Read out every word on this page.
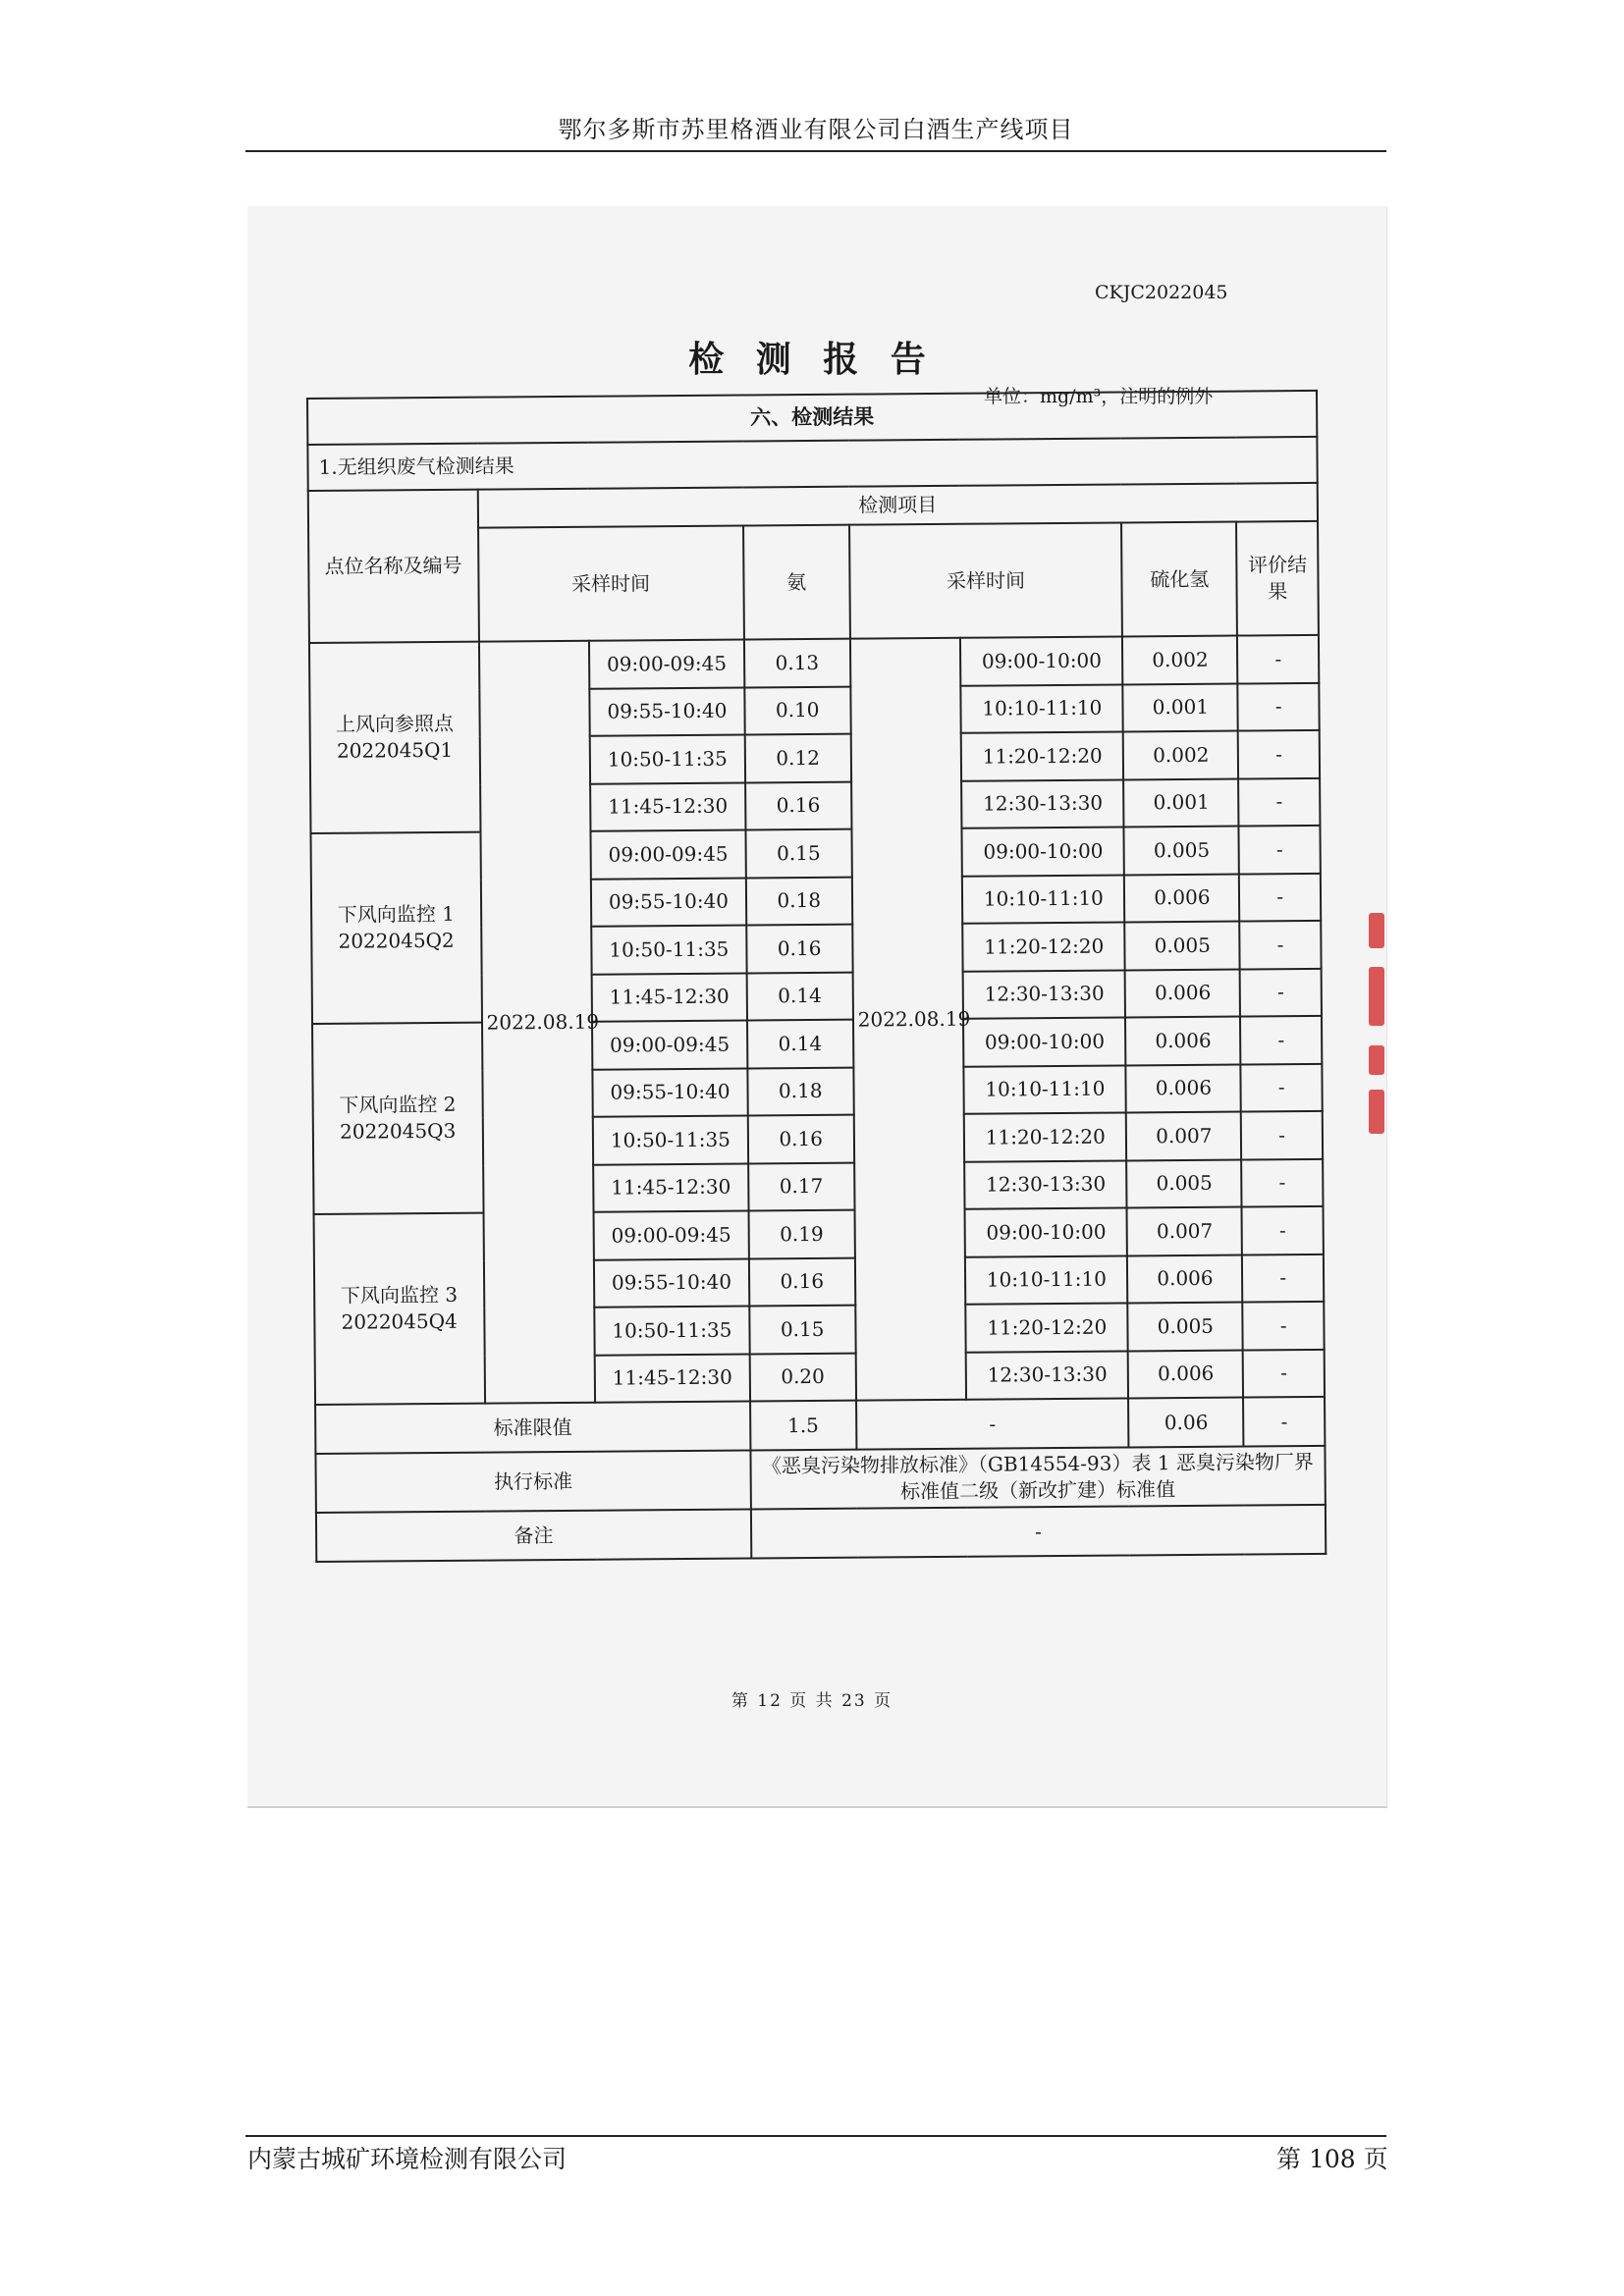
鄂尔多斯市苏里格酒业有限公司白酒生产线项目
CKJC2022045
检 测 报 告
单位：mg/m³，注明的例外
六、检测结果							
1.无组织废气检测结果							
点位名称及编号	检测项目						
	采样时间		氨	采样时间		硫化氢	评价结果
上风向参照点2022045Q1	2022.08.19	09:00-09:45	0.13	2022.08.19	09:00-10:00	0.002	-
		09:55-10:40	0.10		10:10-11:10	0.001	-
		10:50-11:35	0.12		11:20-12:20	0.002	-
		11:45-12:30	0.16		12:30-13:30	0.001	-
下风向监控 1 2022045Q2		09:00-09:45	0.15		09:00-10:00	0.005	-
		09:55-10:40	0.18		10:10-11:10	0.006	-
		10:50-11:35	0.16		11:20-12:20	0.005	-
		11:45-12:30	0.14		12:30-13:30	0.006	-
下风向监控 2 2022045Q3		09:00-09:45	0.14		09:00-10:00	0.006	-
		09:55-10:40	0.18		10:10-11:10	0.006	-
		10:50-11:35	0.16		11:20-12:20	0.007	-
		11:45-12:30	0.17		12:30-13:30	0.005	-
下风向监控 3 2022045Q4		09:00-09:45	0.19		09:00-10:00	0.007	-
		09:55-10:40	0.16		10:10-11:10	0.006	-
		10:50-11:35	0.15		11:20-12:20	0.005	-
		11:45-12:30	0.20		12:30-13:30	0.006	-
标准限值			1.5	-		0.06	-
执行标准			《恶臭污染物排放标准》（GB14554-93）表 1 恶臭污染物厂界标准值二级（新改扩建）标准值				
备注			-				
第 12 页 共 23 页
内蒙古城矿环境检测有限公司	第 108 页
